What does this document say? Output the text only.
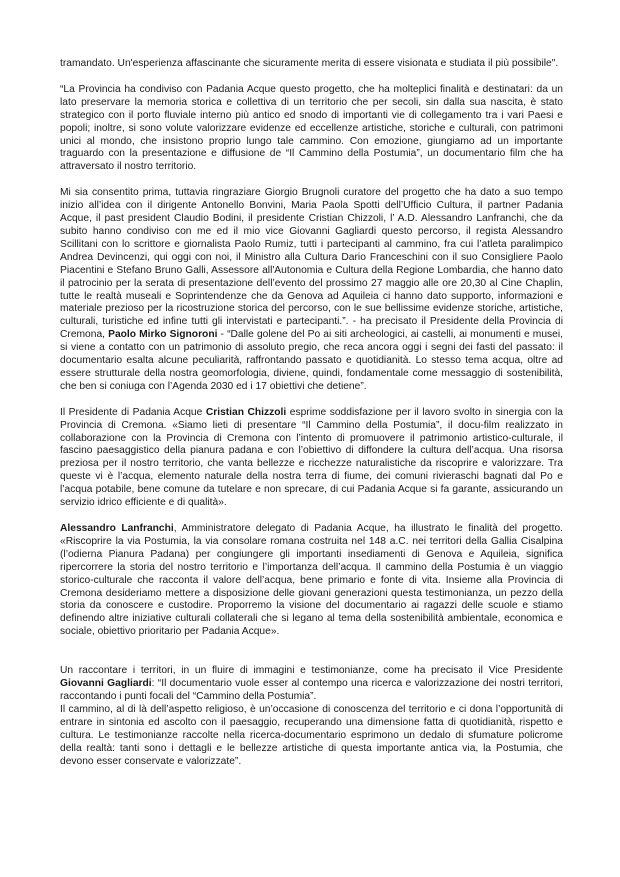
tramandato. Un'esperienza affascinante che sicuramente merita di essere visionata e studiata il più possibile".

“La Provincia ha condiviso con Padania Acque questo progetto, che ha molteplici finalità e destinatari: da un lato preservare la memoria storica e collettiva di un territorio che per secoli, sin dalla sua nascita, è stato strategico con il porto fluviale interno più antico ed snodo di importanti vie di collegamento tra i vari Paesi e popoli; inoltre, si sono volute valorizzare evidenze ed eccellenze artistiche, storiche e culturali, con patrimoni unici al mondo, che insistono proprio lungo tale cammino. Con emozione, giungiamo ad un importante traguardo con la presentazione e diffusione de “Il Cammino della Postumia”, un documentario film che ha attraversato il nostro territorio.

Mi sia consentito prima, tuttavia ringraziare Giorgio Brugnoli curatore del progetto che ha dato a suo tempo inizio all’idea con il dirigente Antonello Bonvini, Maria Paola Spotti dell’Ufficio Cultura, il partner Padania Acque, il past president Claudio Bodini, il presidente Cristian Chizzoli, l’ A.D. Alessandro Lanfranchi, che da subito hanno condiviso con me ed il mio vice Giovanni Gagliardi questo percorso, il regista Alessandro Scillitani con lo scrittore e giornalista Paolo Rumiz, tutti i partecipanti al cammino, fra cui l’atleta paralimpico Andrea Devincenzi, qui oggi con noi, il Ministro alla Cultura Dario Franceschini con il suo Consigliere Paolo Piacentini e Stefano Bruno Galli, Assessore all'Autonomia e Cultura della Regione Lombardia, che hanno dato il patrocinio per la serata di presentazione dell’evento del prossimo 27 maggio alle ore 20,30 al Cine Chaplin, tutte le realtà museali e Soprintendenze che da Genova ad Aquileia ci hanno dato supporto, informazioni e materiale prezioso per la ricostruzione storica del percorso, con le sue bellissime evidenze storiche, artistiche, culturali, turistiche ed infine tutti gli intervistati e partecipanti.”. - ha precisato il Presidente della Provincia di Cremona, Paolo Mirko Signoroni - “Dalle golene del Po ai siti archeologici, ai castelli, ai monumenti e musei, si viene a contatto con un patrimonio di assoluto pregio, che reca ancora oggi i segni dei fasti del passato: il documentario esalta alcune peculiarità, raffrontando passato e quotidianità. Lo stesso tema acqua, oltre ad essere strutturale della nostra geomorfologia, diviene, quindi, fondamentale come messaggio di sostenibilità, che ben si coniuga con l’Agenda 2030 ed i 17 obiettivi che detiene”.

Il Presidente di Padania Acque Cristian Chizzoli esprime soddisfazione per il lavoro svolto in sinergia con la Provincia di Cremona. «Siamo lieti di presentare “Il Cammino della Postumia”, il docu-film realizzato in collaborazione con la Provincia di Cremona con l’intento di promuovere il patrimonio artistico-culturale, il fascino paesaggistico della pianura padana e con l’obiettivo di diffondere la cultura dell’acqua. Una risorsa preziosa per il nostro territorio, che vanta bellezze e ricchezze naturalistiche da riscoprire e valorizzare. Tra queste vi è l’acqua, elemento naturale della nostra terra di fiume, dei comuni rivieraschi bagnati dal Po e l’acqua potabile, bene comune da tutelare e non sprecare, di cui Padania Acque si fa garante, assicurando un servizio idrico efficiente e di qualità».

Alessandro Lanfranchi, Amministratore delegato di Padania Acque, ha illustrato le finalità del progetto. «Riscoprire la via Postumia, la via consolare romana costruita nel 148 a.C. nei territori della Gallia Cisalpina (l’odierna Pianura Padana) per congiungere gli importanti insediamenti di Genova e Aquileia, significa ripercorrere la storia del nostro territorio e l’importanza dell’acqua. Il cammino della Postumia è un viaggio storico-culturale che racconta il valore dell’acqua, bene primario e fonte di vita. Insieme alla Provincia di Cremona desideriamo mettere a disposizione delle giovani generazioni questa testimonianza, un pezzo della storia da conoscere e custodire. Proporremo la visione del documentario ai ragazzi delle scuole e stiamo definendo altre iniziative culturali collaterali che si legano al tema della sostenibilità ambientale, economica e sociale, obiettivo prioritario per Padania Acque».

Un raccontare i territori, in un fluire di immagini e testimonianze, come ha precisato il Vice Presidente Giovanni Gagliardi: “Il documentario vuole esser al contempo una ricerca e valorizzazione dei nostri territori, raccontando i punti focali del “Cammino della Postumia”.

Il cammino, al di là dell’aspetto religioso, è un’occasione di conoscenza del territorio e ci dona l’opportunità di entrare in sintonia ed ascolto con il paesaggio, recuperando una dimensione fatta di quotidianità, rispetto e cultura. Le testimonianze raccolte nella ricerca-documentario esprimono un dedalo di sfumature policrome della realtà: tanti sono i dettagli e le bellezze artistiche di questa importante antica via, la Postumia, che devono esser conservate e valorizzate”.
